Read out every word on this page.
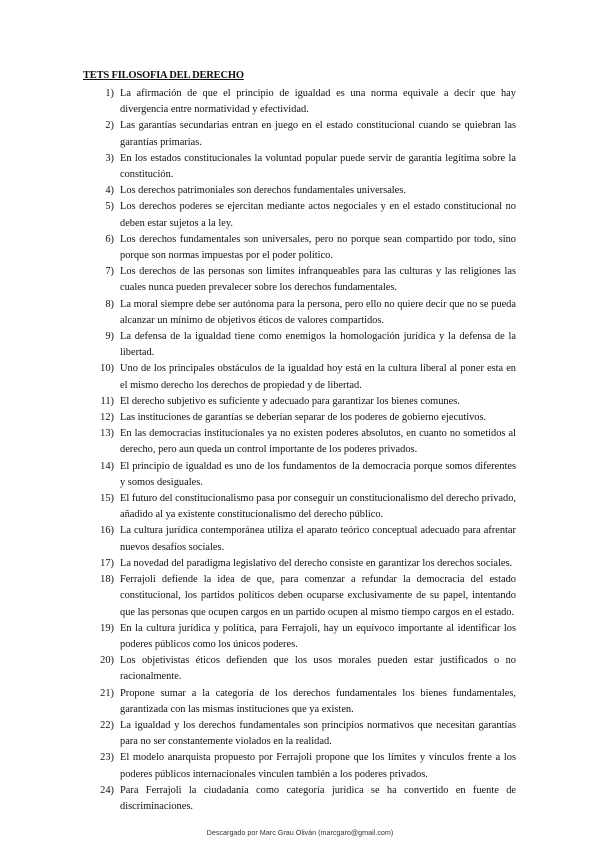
TETS FILOSOFIA DEL DERECHO
1) La afirmación de que el principio de igualdad es una norma equivale a decir que hay divergencia entre normatividad y efectividad.
2) Las garantías secundarias entran en juego en el estado constitucional cuando se quiebran las garantías primarias.
3) En los estados constitucionales la voluntad popular puede servir de garantía legítima sobre la constitución.
4) Los derechos patrimoniales son derechos fundamentales universales.
5) Los derechos poderes se ejercitan mediante actos negociales y en el estado constitucional no deben estar sujetos a la ley.
6) Los derechos fundamentales son universales, pero no porque sean compartido por todo, sino porque son normas impuestas por el poder político.
7) Los derechos de las personas son limites infranqueables para las culturas y las religiones las cuales nunca pueden prevalecer sobre los derechos fundamentales.
8) La moral siempre debe ser autónoma para la persona, pero ello no quiere decir que no se pueda alcanzar un mínimo de objetivos éticos de valores compartidos.
9) La defensa de la igualdad tiene como enemigos la homologación jurídica y la defensa de la libertad.
10) Uno de los principales obstáculos de la igualdad hoy está en la cultura liberal al poner esta en el mismo derecho los derechos de propiedad y de libertad.
11) El derecho subjetivo es suficiente y adecuado para garantizar los bienes comunes.
12) Las instituciones de garantías se deberían separar de los poderes de gobierno ejecutivos.
13) En las democracias institucionales ya no existen poderes absolutos, en cuanto no sometidos al derecho, pero aun queda un control importante de los poderes privados.
14) El principio de igualdad es uno de los fundamentos de la democracia porque somos diferentes y somos desiguales.
15) El futuro del constitucionalismo pasa por conseguir un constitucionalismo del derecho privado, añadido al ya existente constitucionalismo del derecho público.
16) La cultura jurídica contemporánea utiliza el aparato teórico conceptual adecuado para afrentar nuevos desafíos sociales.
17) La novedad del paradigma legislativo del derecho consiste en garantizar los derechos sociales.
18) Ferrajoli defiende la idea de que, para comenzar a refundar la democracia del estado constitucional, los partidos políticos deben ocuparse exclusivamente de su papel, intentando que las personas que ocupen cargos en un partido ocupen al mismo tiempo cargos en el estado.
19) En la cultura jurídica y política, para Ferrajoli, hay un equívoco importante al identificar los poderes públicos como los únicos poderes.
20) Los objetivistas éticos defienden que los usos morales pueden estar justificados o no racionalmente.
21) Propone sumar a la categoría de los derechos fundamentales los bienes fundamentales, garantizada con las mismas instituciones que ya existen.
22) La igualdad y los derechos fundamentales son principios normativos que necesitan garantías para no ser constantemente violados en la realidad.
23) El modelo anarquista propuesto por Ferrajoli propone que los límites y vínculos frente a los poderes públicos internacionales vinculen también a los poderes privados.
24) Para Ferrajoli la ciudadanía como categoría jurídica se ha convertido en fuente de discriminaciones.
Descargado por Marc Grau Oliván (marcgaro@gmail.com)
